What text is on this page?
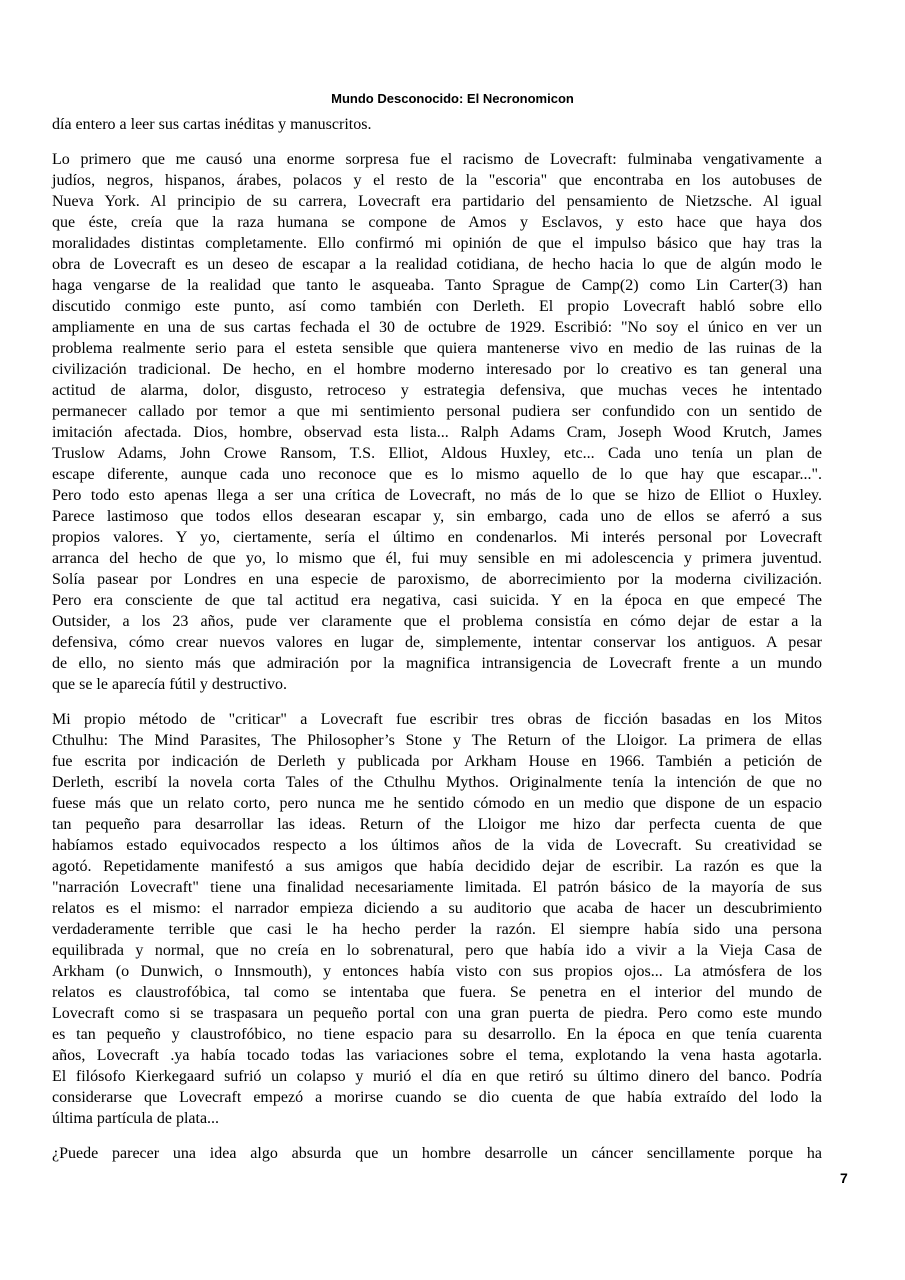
Mundo Desconocido: El Necronomicon
día entero a leer sus cartas inéditas y manuscritos.
Lo primero que me causó una enorme sorpresa fue el racismo de Lovecraft: fulminaba vengativamente a
judíos, negros, hispanos, árabes, polacos y el resto de la "escoria" que encontraba en los autobuses de
Nueva York. Al principio de su carrera, Lovecraft era partidario del pensamiento de Nietzsche. Al igual
que éste, creía que la raza humana se compone de Amos y Esclavos, y esto hace que haya dos
moralidades distintas completamente. Ello confirmó mi opinión de que el impulso básico que hay tras la
obra de Lovecraft es un deseo de escapar a la realidad cotidiana, de hecho hacia lo que de algún modo le
haga vengarse de la realidad que tanto le asqueaba. Tanto Sprague de Camp(2) como Lin Carter(3) han
discutido conmigo este punto, así como también con Derleth. El propio Lovecraft habló sobre ello
ampliamente en una de sus cartas fechada el 30 de octubre de 1929. Escribió: "No soy el único en ver un
problema realmente serio para el esteta sensible que quiera mantenerse vivo en medio de las ruinas de la
civilización tradicional. De hecho, en el hombre moderno interesado por lo creativo es tan general una
actitud de alarma, dolor, disgusto, retroceso y estrategia defensiva, que muchas veces he intentado
permanecer callado por temor a que mi sentimiento personal pudiera ser confundido con un sentido de
imitación afectada. Dios, hombre, observad esta lista... Ralph Adams Cram, Joseph Wood Krutch, James
Truslow Adams, John Crowe Ransom, T.S. Elliot, Aldous Huxley, etc... Cada uno tenía un plan de
escape diferente, aunque cada uno reconoce que es lo mismo aquello de lo que hay que escapar...".
Pero todo esto apenas llega a ser una crítica de Lovecraft, no más de lo que se hizo de Elliot o Huxley.
Parece lastimoso que todos ellos desearan escapar y, sin embargo, cada uno de ellos se aferró a sus
propios valores. Y yo, ciertamente, sería el último en condenarlos. Mi interés personal por Lovecraft
arranca del hecho de que yo, lo mismo que él, fui muy sensible en mi adolescencia y primera juventud.
Solía pasear por Londres en una especie de paroxismo, de aborrecimiento por la moderna civilización.
Pero era consciente de que tal actitud era negativa, casi suicida. Y en la época en que empecé The
Outsider, a los 23 años, pude ver claramente que el problema consistía en cómo dejar de estar a la
defensiva, cómo crear nuevos valores en lugar de, simplemente, intentar conservar los antiguos. A pesar
de ello, no siento más que admiración por la magnifica intransigencia de Lovecraft frente a un mundo
que se le aparecía fútil y destructivo.
Mi propio método de "criticar" a Lovecraft fue escribir tres obras de ficción basadas en los Mitos
Cthulhu: The Mind Parasites, The Philosopher’s Stone y The Return of the Lloigor. La primera de ellas
fue escrita por indicación de Derleth y publicada por Arkham House en 1966. También a petición de
Derleth, escribí la novela corta Tales of the Cthulhu Mythos. Originalmente tenía la intención de que no
fuese más que un relato corto, pero nunca me he sentido cómodo en un medio que dispone de un espacio
tan pequeño para desarrollar las ideas. Return of the Lloigor me hizo dar perfecta cuenta de que
habíamos estado equivocados respecto a los últimos años de la vida de Lovecraft. Su creatividad se
agotó. Repetidamente manifestó a sus amigos que había decidido dejar de escribir. La razón es que la
"narración Lovecraft" tiene una finalidad necesariamente limitada. El patrón básico de la mayoría de sus
relatos es el mismo: el narrador empieza diciendo a su auditorio que acaba de hacer un descubrimiento
verdaderamente terrible que casi le ha hecho perder la razón. El siempre había sido una persona
equilibrada y normal, que no creía en lo sobrenatural, pero que había ido a vivir a la Vieja Casa de
Arkham (o Dunwich, o Innsmouth), y entonces había visto con sus propios ojos... La atmósfera de los
relatos es claustrofóbica, tal como se intentaba que fuera. Se penetra en el interior del mundo de
Lovecraft como si se traspasara un pequeño portal con una gran puerta de piedra. Pero como este mundo
es tan pequeño y claustrofóbico, no tiene espacio para su desarrollo. En la época en que tenía cuarenta
años, Lovecraft .ya había tocado todas las variaciones sobre el tema, explotando la vena hasta agotarla.
El filósofo Kierkegaard sufrió un colapso y murió el día en que retiró su último dinero del banco. Podría
considerarse que Lovecraft empezó a morirse cuando se dio cuenta de que había extraído del lodo la
última partícula de plata...
¿Puede parecer una idea algo absurda que un hombre desarrolle un cáncer sencillamente porque ha
7
